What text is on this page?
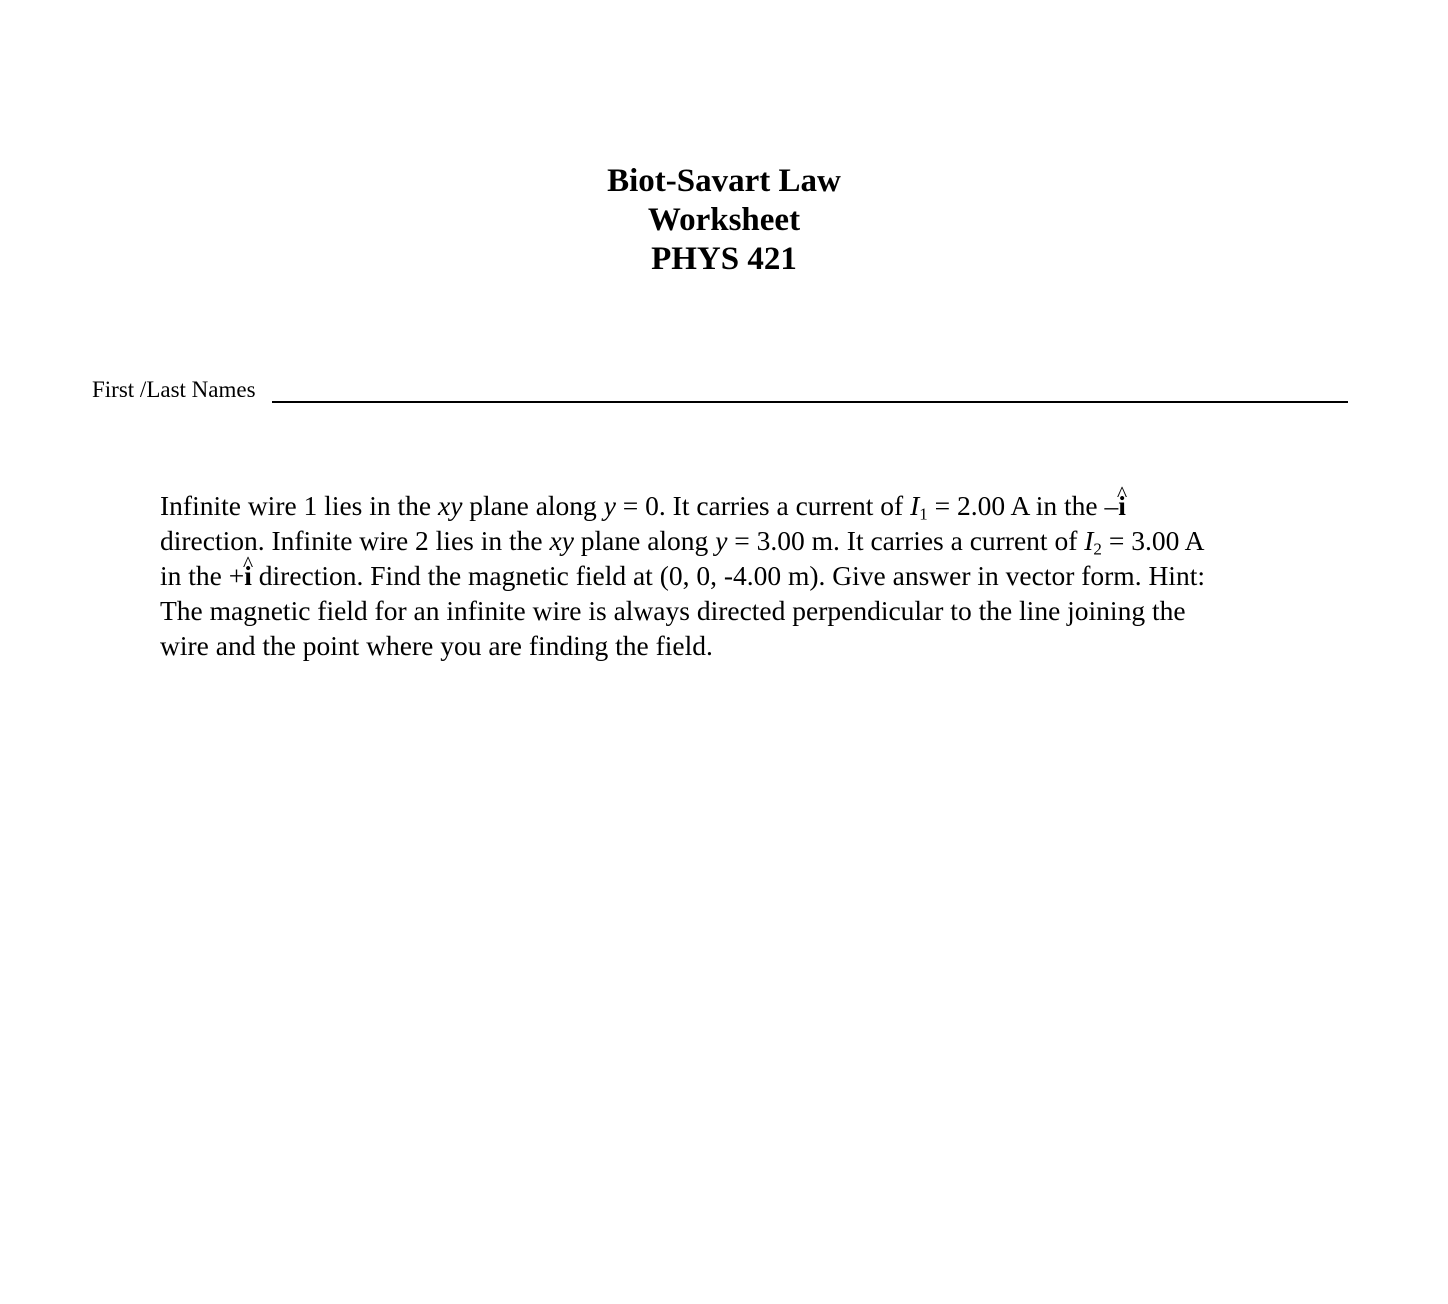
Biot-Savart Law
Worksheet
PHYS 421
First /Last Names
Infinite wire 1 lies in the xy plane along y = 0. It carries a current of $I_1 = 2.00$ A in the –^ i
direction. Infinite wire 2 lies in the xy plane along y = 3.00 m. It carries a current of $I_2 = 3.00$ A
in the +^ i direction. Find the magnetic field at (0, 0, -4.00 m). Give answer in vector form. Hint:
The magnetic field for an infinite wire is always directed perpendicular to the line joining the
wire and the point where you are finding the field.
